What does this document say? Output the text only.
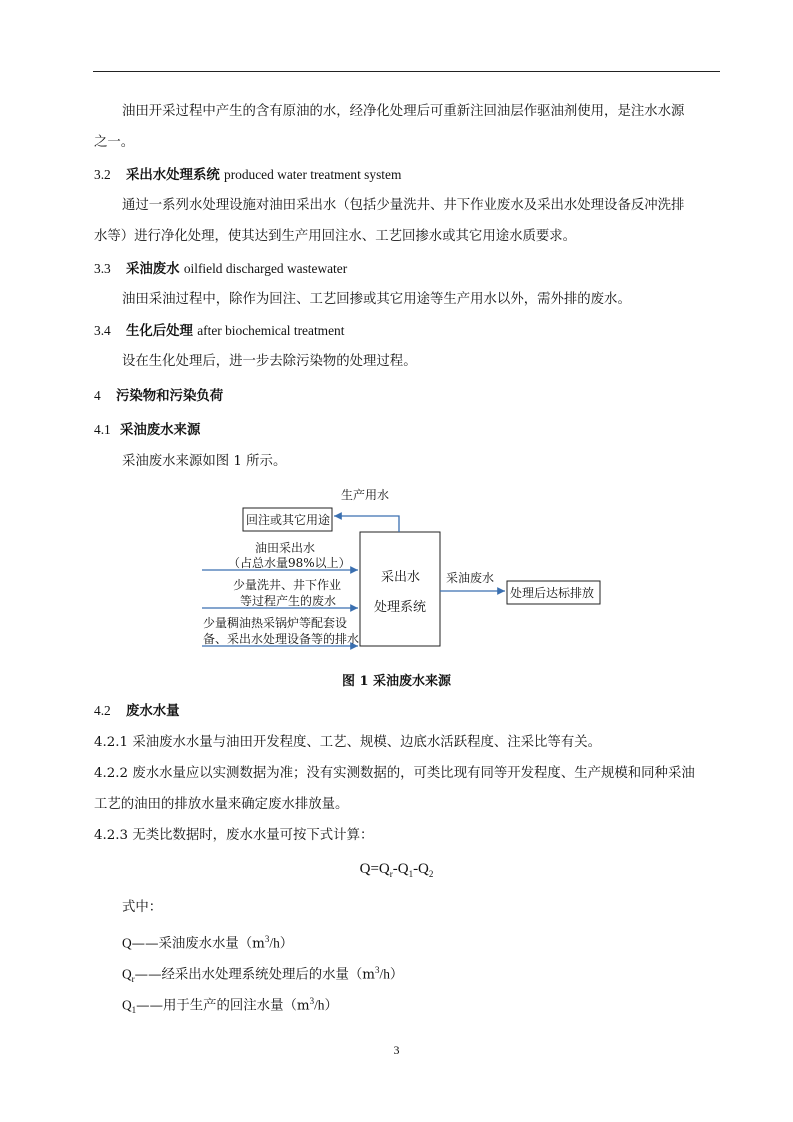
油田开采过程中产生的含有原油的水，经净化处理后可重新注回油层作驱油剂使用，是注水水源
之一。
3.2 采出水处理系统 produced water treatment system
通过一系列水处理设施对油田采出水（包括少量洗井、井下作业废水及采出水处理设备反冲洗排
水等）进行净化处理，使其达到生产用回注水、工艺回掺水或其它用途水质要求。
3.3 采油废水 oilfield discharged wastewater
油田采油过程中，除作为回注、工艺回掺或其它用途等生产用水以外，需外排的废水。
3.4 生化后处理 after biochemical treatment
设在生化处理后，进一步去除污染物的处理过程。
4 污染物和污染负荷
4.1 采油废水来源
采油废水来源如图 1 所示。
生产用水
回注或其它用途
采出水
处理系统
采油废水
处理后达标排放
油田采出水
（占总水量98%以上）
少量洗井、井下作业
等过程产生的废水
少量稠油热采锅炉等配套设
备、采出水处理设备等的排水
图 1 采油废水来源
4.2 废水水量
4.2.1 采油废水水量与油田开发程度、工艺、规模、边底水活跃程度、注采比等有关。
4.2.2 废水水量应以实测数据为准；没有实测数据的，可类比现有同等开发程度、生产规模和同种采油
工艺的油田的排放水量来确定废水排放量。
4.2.3 无类比数据时，废水水量可按下式计算：
$Q=Q_r-Q_1-Q_2$
式中：
Q——采油废水水量$(m^3/h)$
$Q_r——$经采出水处理系统处理后的水量$(m^3/h)$
$Q_1——$用于生产的回注水量$(m^3/h)$
3
